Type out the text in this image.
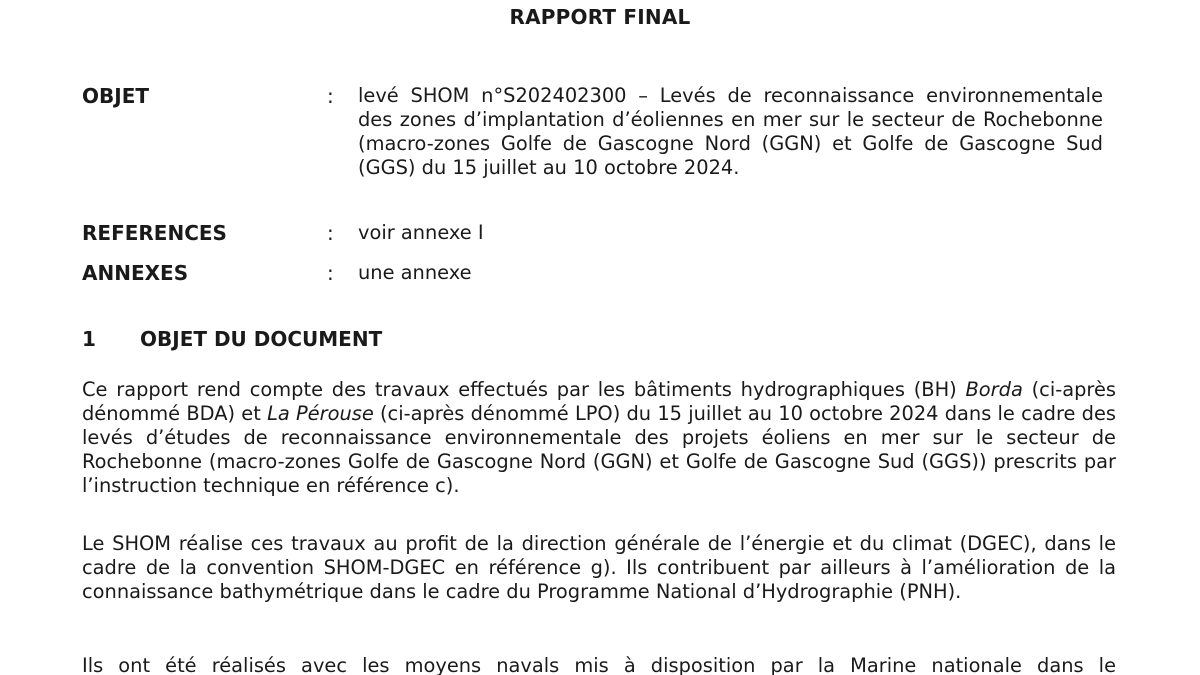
RAPPORT FINAL
OBJET	: levé SHOM n°S202402300 – Levés de reconnaissance environnementale des zones d’implantation d’éoliennes en mer sur le secteur de Rochebonne (macro-zones Golfe de Gascogne Nord (GGN) et Golfe de Gascogne Sud (GGS) du 15 juillet au 10 octobre 2024.
REFERENCES	: voir annexe I
ANNEXES	: une annexe
1 OBJET DU DOCUMENT
Ce rapport rend compte des travaux effectués par les bâtiments hydrographiques (BH) Borda (ci-après dénommé BDA) et La Pérouse (ci-après dénommé LPO) du 15 juillet au 10 octobre 2024 dans le cadre des levés d’études de reconnaissance environnementale des projets éoliens en mer sur le secteur de Rochebonne (macro-zones Golfe de Gascogne Nord (GGN) et Golfe de Gascogne Sud (GGS)) prescrits par l’instruction technique en référence c).
Le SHOM réalise ces travaux au profit de la direction générale de l’énergie et du climat (DGEC), dans le cadre de la convention SHOM-DGEC en référence g). Ils contribuent par ailleurs à l’amélioration de la connaissance bathymétrique dans le cadre du Programme National d’Hydrographie (PNH).
Ils ont été réalisés avec les moyens navals mis à disposition par la Marine nationale dans le
